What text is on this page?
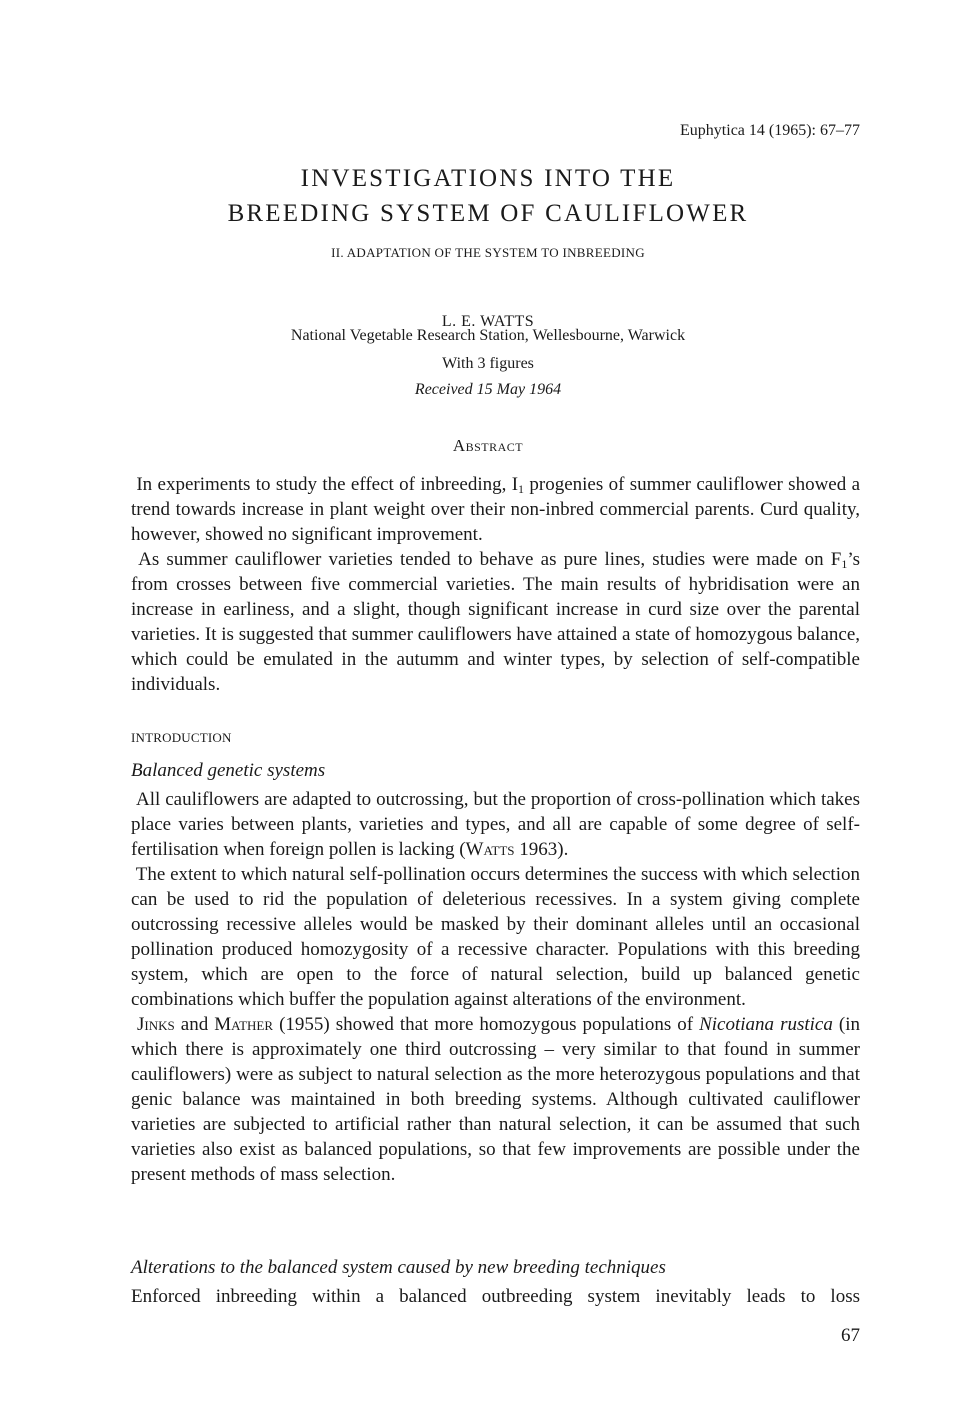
Euphytica 14 (1965): 67–77
INVESTIGATIONS INTO THE
BREEDING SYSTEM OF CAULIFLOWER
II. ADAPTATION OF THE SYSTEM TO INBREEDING
L. E. WATTS
National Vegetable Research Station, Wellesbourne, Warwick
With 3 figures
Received 15 May 1964
Abstract

In experiments to study the effect of inbreeding, $I_1$ progenies of summer cauliflower showed a trend towards increase in plant weight over their non-inbred commercial parents. Curd quality, however, showed no significant improvement.

As summer cauliflower varieties tended to behave as pure lines, studies were made on $F_1’s$ from crosses between five commercial varieties. The main results of hybridisation were an increase in earliness, and a slight, though significant increase in curd size over the parental varieties. It is suggested that summer cauliflowers have attained a state of homozygous balance, which could be emulated in the autumm and winter types, by selection of self-compatible individuals.

INTRODUCTION
Balanced genetic systems

All cauliflowers are adapted to outcrossing, but the proportion of cross-pollination which takes place varies between plants, varieties and types, and all are capable of some degree of self-fertilisation when foreign pollen is lacking (Watts 1963).

The extent to which natural self-pollination occurs determines the success with which selection can be used to rid the population of deleterious recessives. In a system giving complete outcrossing recessive alleles would be masked by their dominant alleles until an occasional pollination produced homozygosity of a recessive character. Populations with this breeding system, which are open to the force of natural selection, build up balanced genetic combinations which buffer the population against alterations of the environment.

Jinks and Mather (1955) showed that more homozygous populations of Nicotiana rustica (in which there is approximately one third outcrossing – very similar to that found in summer cauliflowers) were as subject to natural selection as the more heterozygous populations and that genic balance was maintained in both breeding systems. Although cultivated cauliflower varieties are subjected to artificial rather than natural selection, it can be assumed that such varieties also exist as balanced populations, so that few improvements are possible under the present methods of mass selection.

Alterations to the balanced system caused by new breeding techniques

Enforced inbreeding within a balanced outbreeding system inevitably leads to loss

67
